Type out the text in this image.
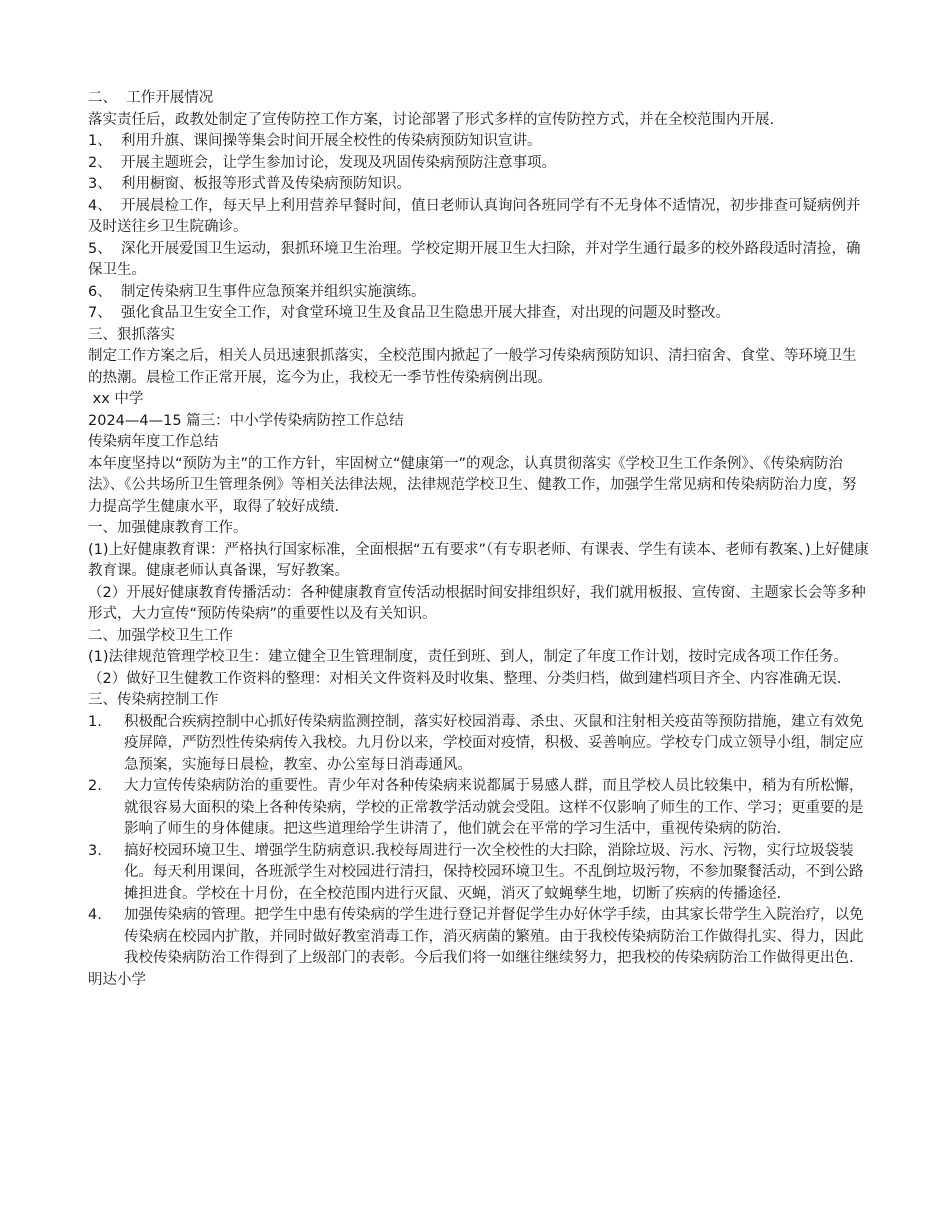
二、  工作开展情况

落实责任后，政教处制定了宣传防控工作方案，讨论部署了形式多样的宣传防控方式，并在全校范围内开展.

1、  利用升旗、课间操等集会时间开展全校性的传染病预防知识宣讲。

2、  开展主题班会，让学生参加讨论，发现及巩固传染病预防注意事项。

3、  利用橱窗、板报等形式普及传染病预防知识。

4、  开展晨检工作，每天早上利用营养早餐时间，值日老师认真询问各班同学有不无身体不适情况，初步排查可疑病例并及时送往乡卫生院确诊。

5、  深化开展爱国卫生运动，狠抓环境卫生治理。学校定期开展卫生大扫除，并对学生通行最多的校外路段适时清捡，确保卫生。

6、  制定传染病卫生事件应急预案并组织实施演练。

7、  强化食品卫生安全工作，对食堂环境卫生及食品卫生隐患开展大排查，对出现的问题及时整改。

三、狠抓落实

制定工作方案之后，相关人员迅速狠抓落实，全校范围内掀起了一般学习传染病预防知识、清扫宿舍、食堂、等环境卫生的热潮。晨检工作正常开展，迄今为止，我校无一季节性传染病例出现。

xx 中学

2024—4—15 篇三：中小学传染病防控工作总结

传染病年度工作总结

本年度坚持以“预防为主”的工作方针，牢固树立“健康第一”的观念，认真贯彻落实《学校卫生工作条例》、《传染病防治法》、《公共场所卫生管理条例》等相关法律法规，法律规范学校卫生、健教工作，加强学生常见病和传染病防治力度，努力提高学生健康水平，取得了较好成绩.

一、加强健康教育工作。

(1)上好健康教育课：严格执行国家标准，全面根据“五有要求”（有专职老师、有课表、学生有读本、老师有教案、)上好健康教育课。健康老师认真备课，写好教案。

（2）开展好健康教育传播活动：各种健康教育宣传活动根据时间安排组织好，我们就用板报、宣传窗、主题家长会等多种形式，大力宣传“预防传染病”的重要性以及有关知识。

二、加强学校卫生工作

(1)法律规范管理学校卫生：建立健全卫生管理制度，责任到班、到人，制定了年度工作计划，按时完成各项工作任务。

（2）做好卫生健教工作资料的整理：对相关文件资料及时收集、整理、分类归档，做到建档项目齐全、内容准确无误.

三、传染病控制工作

1.	积极配合疾病控制中心抓好传染病监测控制，落实好校园消毒、杀虫、灭鼠和注射相关疫苗等预防措施，建立有效免疫屏障，严防烈性传染病传入我校。九月份以来，学校面对疫情，积极、妥善响应。学校专门成立领导小组，制定应急预案，实施每日晨检，教室、办公室每日消毒通风。
2.	大力宣传传染病防治的重要性。青少年对各种传染病来说都属于易感人群，而且学校人员比较集中，稍为有所松懈，就很容易大面积的染上各种传染病，学校的正常教学活动就会受阻。这样不仅影响了师生的工作、学习；更重要的是影响了师生的身体健康。把这些道理给学生讲清了，他们就会在平常的学习生活中，重视传染病的防治.
3.	搞好校园环境卫生、增强学生防病意识.我校每周进行一次全校性的大扫除，消除垃圾、污水、污物，实行垃圾袋装化。每天利用课间，各班派学生对校园进行清扫，保持校园环境卫生。不乱倒垃圾污物，不参加聚餐活动，不到公路摊担进食。学校在十月份，在全校范围内进行灭鼠、灭蝇，消灭了蚊蝇孳生地，切断了疾病的传播途径.
4.	加强传染病的管理。把学生中患有传染病的学生进行登记并督促学生办好休学手续，由其家长带学生入院治疗，以免传染病在校园内扩散，并同时做好教室消毒工作，消灭病菌的繁殖。由于我校传染病防治工作做得扎实、得力，因此我校传染病防治工作得到了上级部门的表彰。今后我们将一如继往继续努力，把我校的传染病防治工作做得更出色.

明达小学
